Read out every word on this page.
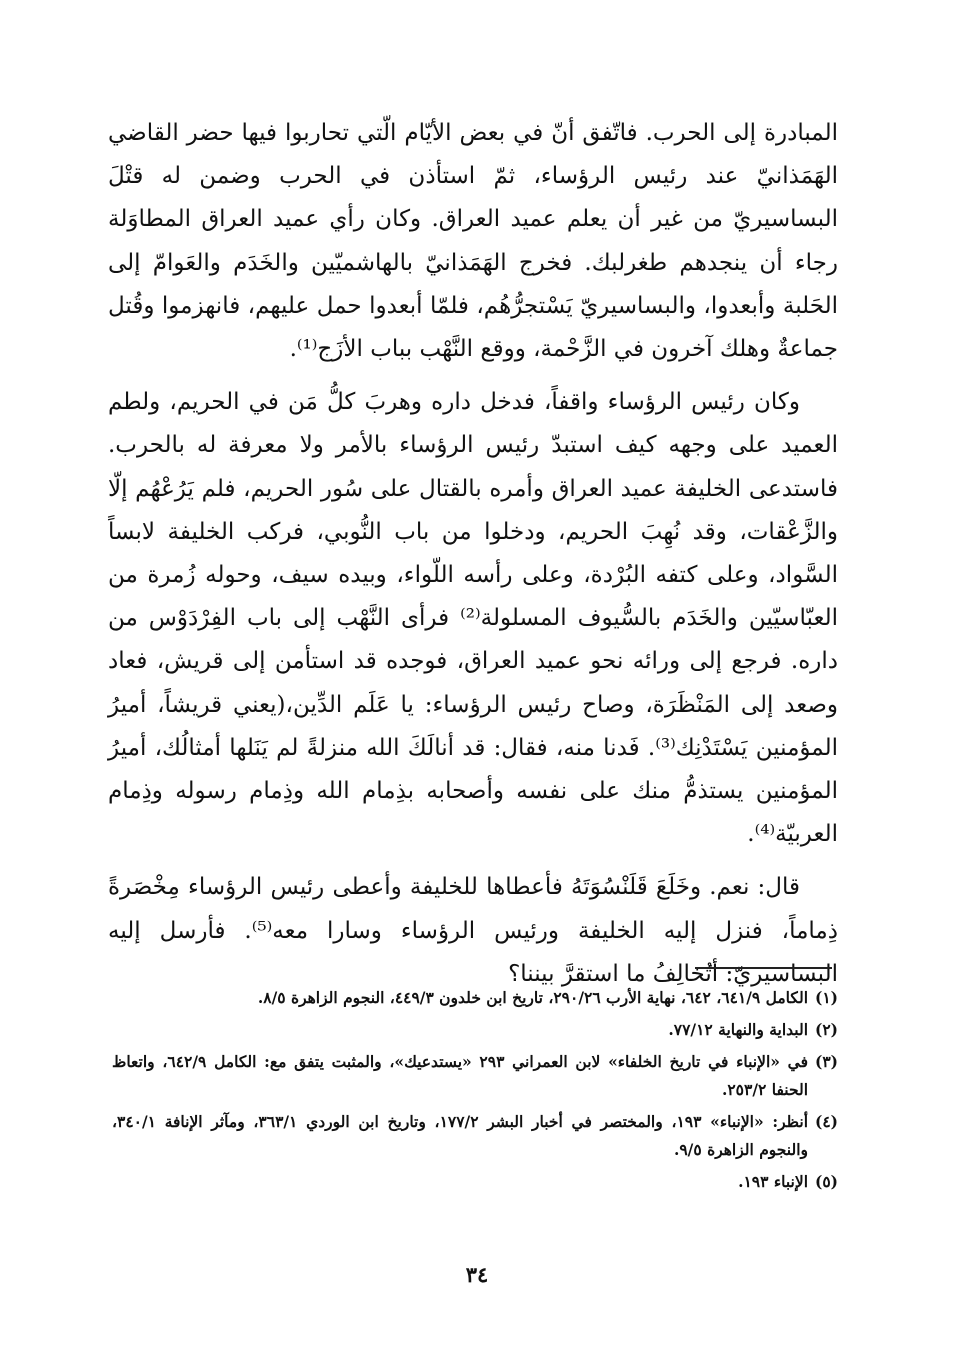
المبادرة إلى الحرب. فاتّفق أنّ في بعض الأيّام الّتي تحاربوا فيها حضر القاضي الهَمَذانيّ عند رئيس الرؤساء، ثمّ استأذن في الحرب وضمن له قتْلَ البساسيريّ من غير أن يعلم عميد العراق. وكان رأي عميد العراق المطاوَلة رجاء أن ينجدهم طغرلبك. فخرج الهَمَذانيّ بالهاشميّين والخَدَم والعَوامّ إلى الحَلبة وأبعدوا، والبساسيريّ يَسْتجرُّهُم، فلمّا أبعدوا حمل عليهم، فانهزموا وقُتل جماعةٌ وهلك آخرون في الزَّحْمة، ووقع النَّهْب بباب الأزَج⁽¹⁾.

وكان رئيس الرؤساء واقفاً، فدخل داره وهربَ كلُّ مَن في الحريم، ولطم العميد على وجهه كيف استبدّ رئيس الرؤساء بالأمر ولا معرفة له بالحرب. فاستدعى الخليفة عميد العراق وأمره بالقتال على سُور الحريم، فلم يَرُعْهُم إلّا والزَّعْقات، وقد نُهِبَ الحريم، ودخلوا من باب النُّوبي، فركب الخليفة لابساً السَّواد، وعلى كتفه البُرْدة، وعلى رأسه اللّواء، وبيده سيف، وحوله زُمرة من العبّاسيّين والخَدَم بالسُّيوف المسلولة⁽²⁾ فرأى النَّهْب إلى باب الفِرْدَوْس من داره. فرجع إلى ورائه نحو عميد العراق، فوجده قد استأمن إلى قريش، فعاد وصعد إلى المَنْظَرَة، وصاح رئيس الرؤساء: يا عَلَم الدِّين،(يعني قريشاً، أميرُ المؤمنين يَسْتَدْنِك⁽³⁾. فَدنا منه، فقال: قد أنالَكَ الله منزلةً لم يَنَلها أمثالُك، أميرُ المؤمنين يستذمُّ منك على نفسه وأصحابه بذِمام الله وذِمام رسوله وذِمام العربيّة⁽⁴⁾.

قال: نعم. وخَلَعَ قَلَنْسُوَتَهُ فأعطاها للخليفة وأعطى رئيس الرؤساء مِخْصَرةً ذِماماً، فنزل إليه الخليفة ورئيس الرؤساء وسارا معه⁽⁵⁾. فأرسل إليه البساسيريّ: أتُخالِفُ ما استقرَّ بيننا؟

(١)
الكامل ٦٤١/٩، ٦٤٢، نهاية الأرب ٢٩٠/٢٦، تاريخ ابن خلدون ٤٤٩/٣، النجوم الزاهرة ٨/٥.
(٢)
البداية والنهاية ٧٧/١٢.
(٣)
في «الإنباء في تاريخ الخلفاء» لابن العمراني ٢٩٣ «يستدعيك»، والمثبت يتفق مع: الكامل ٦٤٢/٩، واتعاظ الحنفا ٢٥٣/٢.
(٤)
أنظر: «الإنباء» ١٩٣، والمختصر في أخبار البشر ١٧٧/٢، وتاريخ ابن الوردي ٣٦٣/١، ومآثر الإنافة ٣٤٠/١، والنجوم الزاهرة ٩/٥.
(٥)
الإنباء ١٩٣.
٣٤
